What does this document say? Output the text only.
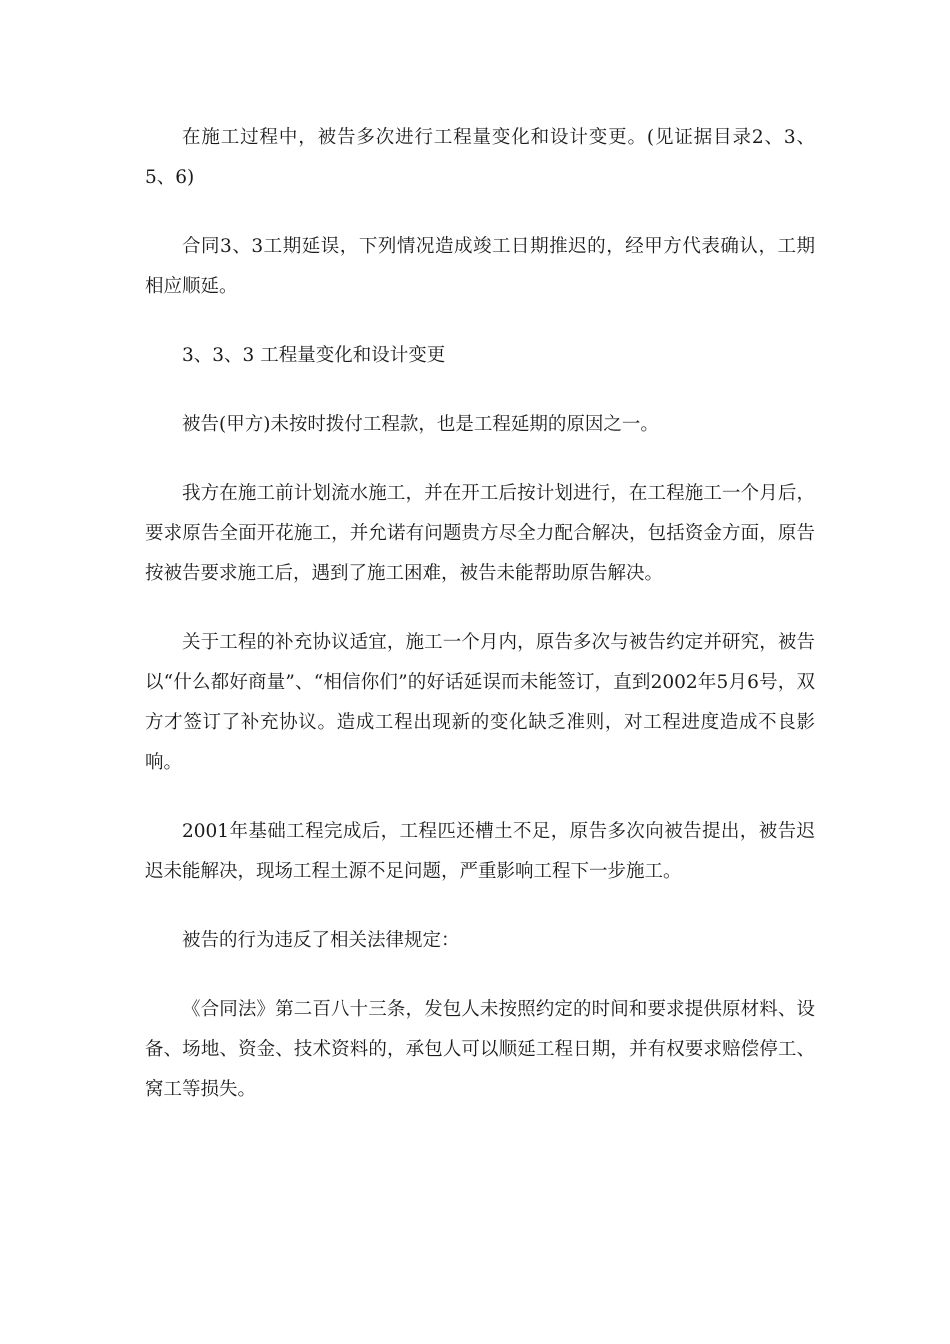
在施工过程中，被告多次进行工程量变化和设计变更。(见证据目录2、3、5、6)

合同3、3工期延误，下列情况造成竣工日期推迟的，经甲方代表确认，工期相应顺延。

3、3、3 工程量变化和设计变更

被告(甲方)未按时拨付工程款，也是工程延期的原因之一。

我方在施工前计划流水施工，并在开工后按计划进行，在工程施工一个月后，要求原告全面开花施工，并允诺有问题贵方尽全力配合解决，包括资金方面，原告按被告要求施工后，遇到了施工困难，被告未能帮助原告解决。

关于工程的补充协议适宜，施工一个月内，原告多次与被告约定并研究，被告以“什么都好商量”、“相信你们”的好话延误而未能签订，直到2002年5月6号，双方才签订了补充协议。造成工程出现新的变化缺乏准则，对工程进度造成不良影响。

2001年基础工程完成后，工程匹还槽土不足，原告多次向被告提出，被告迟迟未能解决，现场工程土源不足问题，严重影响工程下一步施工。

被告的行为违反了相关法律规定：

《合同法》第二百八十三条，发包人未按照约定的时间和要求提供原材料、设备、场地、资金、技术资料的，承包人可以顺延工程日期，并有权要求赔偿停工、窝工等损失。
